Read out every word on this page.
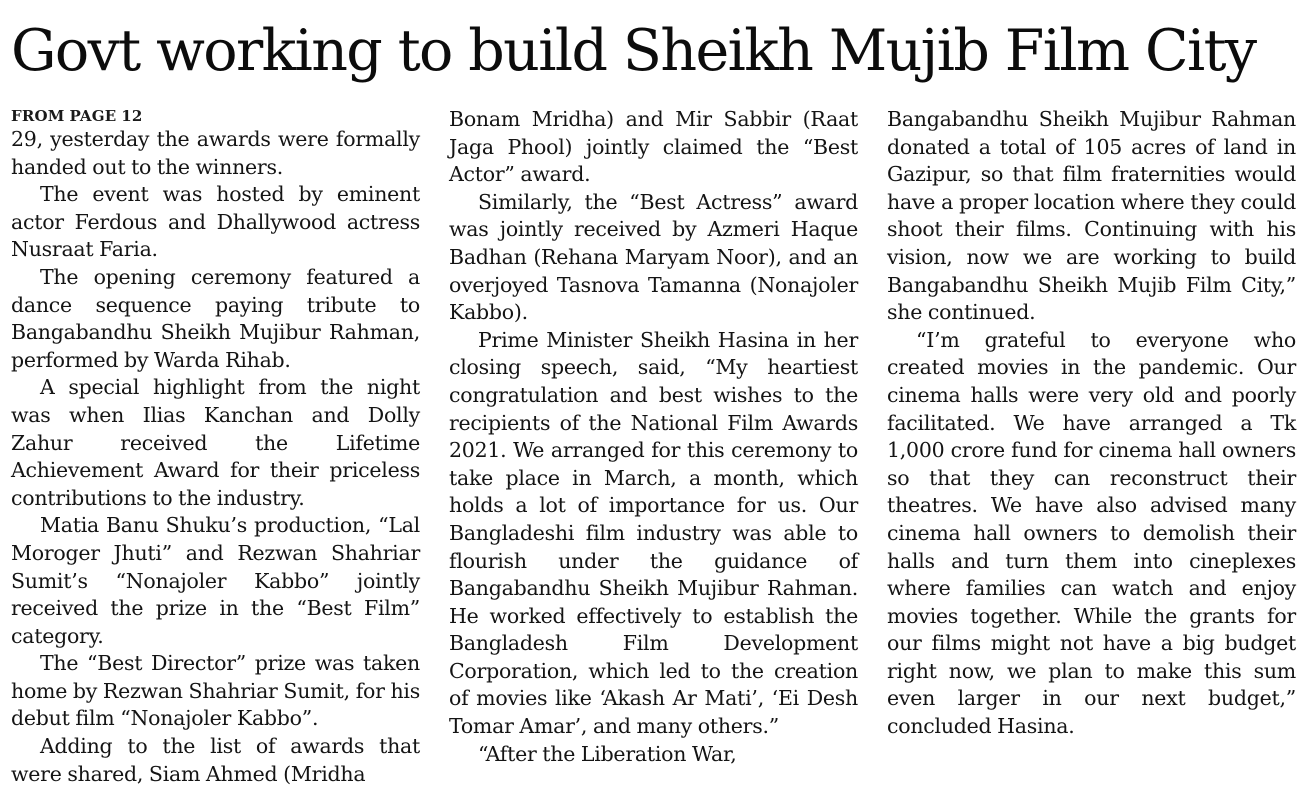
Govt working to build Sheikh Mujib Film City
FROM PAGE 12

29, yesterday the awards were formally handed out to the winners.

The event was hosted by eminent actor Ferdous and Dhallywood actress Nusraat Faria.

The opening ceremony featured a dance sequence paying tribute to Bangabandhu Sheikh Mujibur Rahman, performed by Warda Rihab.

A special highlight from the night was when Ilias Kanchan and Dolly Zahur received the Lifetime Achievement Award for their priceless contributions to the industry.

Matia Banu Shuku’s production, “Lal Moroger Jhuti” and Rezwan Shahriar Sumit’s “Nonajoler Kabbo” jointly received the prize in the “Best Film” category.

The “Best Director” prize was taken home by Rezwan Shahriar Sumit, for his debut film “Nonajoler Kabbo”.

Adding to the list of awards that were shared, Siam Ahmed (Mridha

Bonam Mridha) and Mir Sabbir (Raat Jaga Phool) jointly claimed the “Best Actor” award.

Similarly, the “Best Actress” award was jointly received by Azmeri Haque Badhan (Rehana Maryam Noor), and an overjoyed Tasnova Tamanna (Nonajoler Kabbo).

Prime Minister Sheikh Hasina in her closing speech, said, “My heartiest congratulation and best wishes to the recipients of the National Film Awards 2021. We arranged for this ceremony to take place in March, a month, which holds a lot of importance for us. Our Bangladeshi film industry was able to flourish under the guidance of Bangabandhu Sheikh Mujibur Rahman. He worked effectively to establish the Bangladesh Film Development Corporation, which led to the creation of movies like ‘Akash Ar Mati’, ‘Ei Desh Tomar Amar’, and many others.”

“After the Liberation War,

Bangabandhu Sheikh Mujibur Rahman donated a total of 105 acres of land in Gazipur, so that film fraternities would have a proper location where they could shoot their films. Continuing with his vision, now we are working to build Bangabandhu Sheikh Mujib Film City,” she continued.

“I’m grateful to everyone who created movies in the pandemic. Our cinema halls were very old and poorly facilitated. We have arranged a Tk 1,000 crore fund for cinema hall owners so that they can reconstruct their theatres. We have also advised many cinema hall owners to demolish their halls and turn them into cineplexes where families can watch and enjoy movies together. While the grants for our films might not have a big budget right now, we plan to make this sum even larger in our next budget,” concluded Hasina.
